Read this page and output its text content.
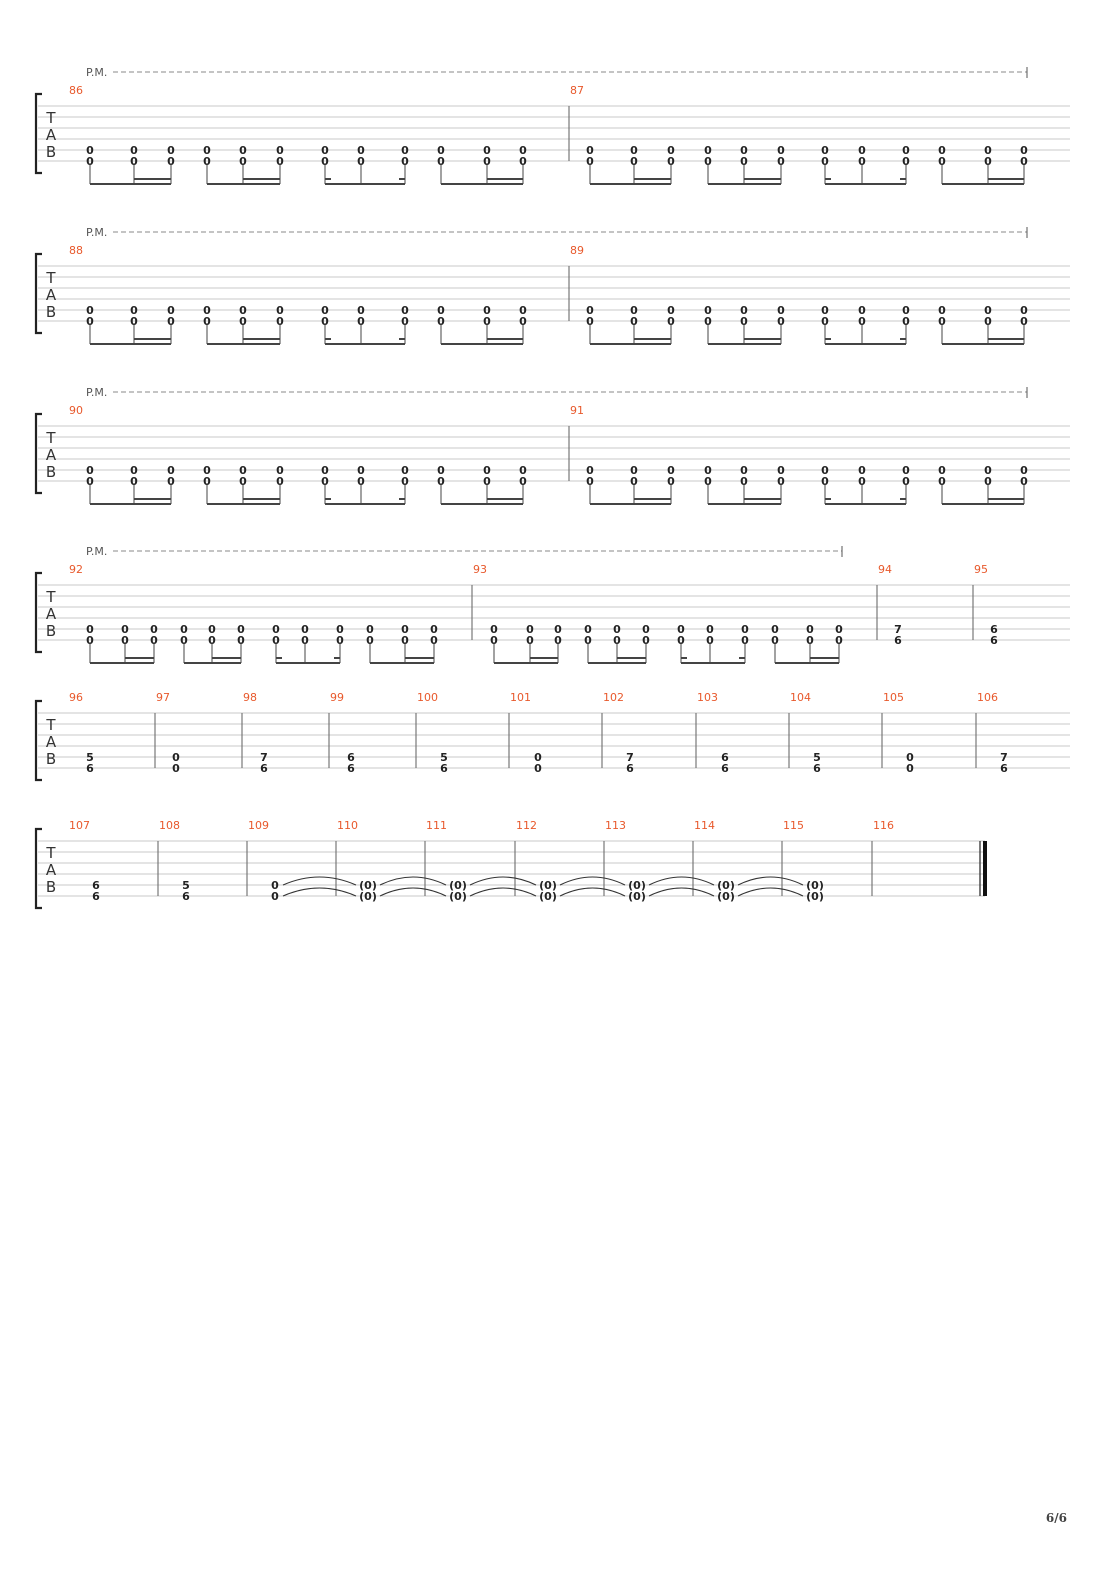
T
A
B
P.M.
86
0
0
0
0
0
0
0
0
0
0
0
0
0
0
0
0
0
0
0
0
0
0
0
0
87
0
0
0
0
0
0
0
0
0
0
0
0
0
0
0
0
0
0
0
0
0
0
0
0
T
A
B
P.M.
88
0
0
0
0
0
0
0
0
0
0
0
0
0
0
0
0
0
0
0
0
0
0
0
0
89
0
0
0
0
0
0
0
0
0
0
0
0
0
0
0
0
0
0
0
0
0
0
0
0
T
A
B
P.M.
90
0
0
0
0
0
0
0
0
0
0
0
0
0
0
0
0
0
0
0
0
0
0
0
0
91
0
0
0
0
0
0
0
0
0
0
0
0
0
0
0
0
0
0
0
0
0
0
0
0
T
A
B
P.M.
92
0
0
0
0
0
0
0
0
0
0
0
0
0
0
0
0
0
0
0
0
0
0
0
0
93
0
0
0
0
0
0
0
0
0
0
0
0
0
0
0
0
0
0
0
0
0
0
0
0
94
7
6
95
6
6
T
A
B
96
5
6
97
0
0
98
7
6
99
6
6
100
5
6
101
0
0
102
7
6
103
6
6
104
5
6
105
0
0
106
7
6
T
A
B
107
6
6
108
5
6
109
0
0
110
(0)
(0)
111
(0)
(0)
112
(0)
(0)
113
(0)
(0)
114
(0)
(0)
115
(0)
(0)
116
6/6
